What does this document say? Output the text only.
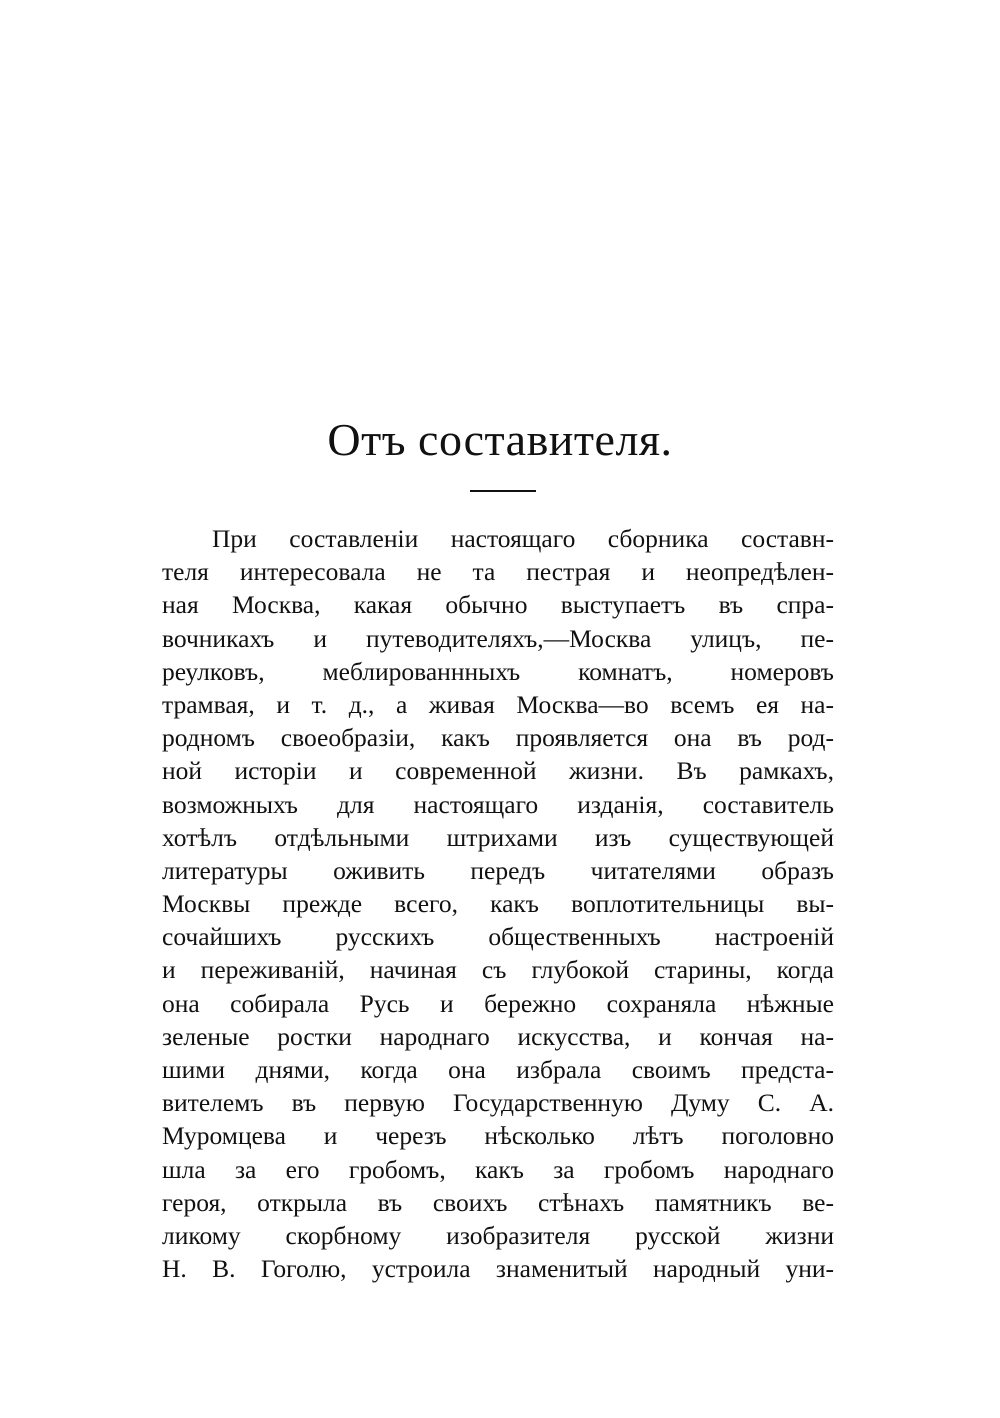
Отъ составителя.
При составленіи настоящаго сборника составн-
теля интересовала не та пестрая и неопредѣлен-
ная Москва, какая обычно выступаетъ въ спра-
вочникахъ и путеводителяхъ,—Москва улицъ, пе-
реулковъ, меблированнныхъ комнатъ, номеровъ
трамвая, и т. д., а живая Москва—во всемъ ея на-
родномъ своеобразіи, какъ проявляется она въ род-
ной исторіи и современной жизни. Въ рамкахъ,
возможныхъ для настоящаго изданія, составитель
хотѣлъ отдѣльными штрихами изъ существующей
литературы оживить передъ читателями образъ
Москвы прежде всего, какъ воплотительницы вы-
сочайшихъ русскихъ общественныхъ настроеній
и переживаній, начиная съ глубокой старины, когда
она собирала Русь и бережно сохраняла нѣжные
зеленые ростки народнаго искусства, и кончая на-
шими днями, когда она избрала своимъ предста-
вителемъ въ первую Государственную Думу С. А.
Муромцева и черезъ нѣсколько лѣтъ поголовно
шла за его гробомъ, какъ за гробомъ народнаго
героя, открыла въ своихъ стѣнахъ памятникъ ве-
ликому скорбному изобразителя русской жизни
Н. В. Гоголю, устроила знаменитый народный уни-
